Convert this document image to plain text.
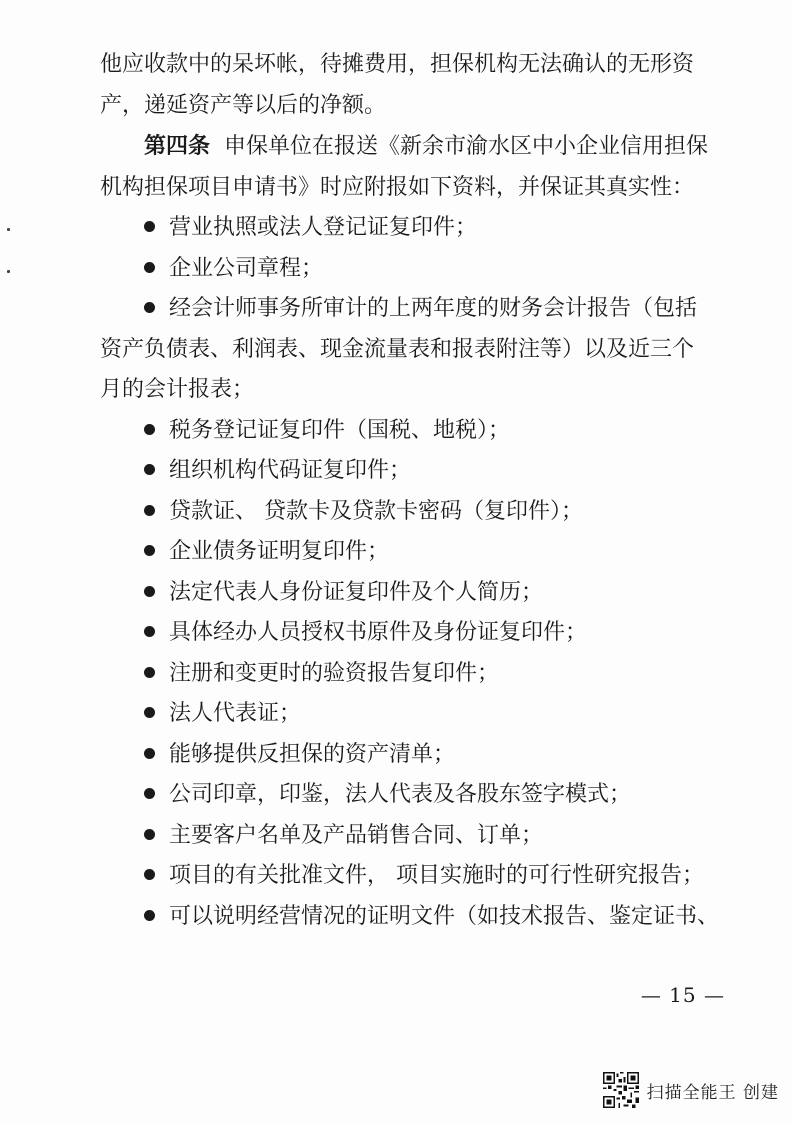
他应收款中的呆坏帐，待摊费用，担保机构无法确认的无形资产，递延资产等以后的净额。

第四条 申保单位在报送《新余市渝水区中小企业信用担保机构担保项目申请书》时应附报如下资料，并保证其真实性：

营业执照或法人登记证复印件；

企业公司章程；

经会计师事务所审计的上两年度的财务会计报告（包括资产负债表、利润表、现金流量表和报表附注等）以及近三个月的会计报表；

税务登记证复印件（国税、地税）；

组织机构代码证复印件；

贷款证、 贷款卡及贷款卡密码（复印件）；

企业债务证明复印件；

法定代表人身份证复印件及个人简历；

具体经办人员授权书原件及身份证复印件；

注册和变更时的验资报告复印件；

法人代表证；

能够提供反担保的资产清单；

公司印章，印鉴，法人代表及各股东签字模式；

主要客户名单及产品销售合同、订单；

项目的有关批准文件， 项目实施时的可行性研究报告；

可以说明经营情况的证明文件（如技术报告、鉴定证书、

— 15 —
扫描全能王 创建
